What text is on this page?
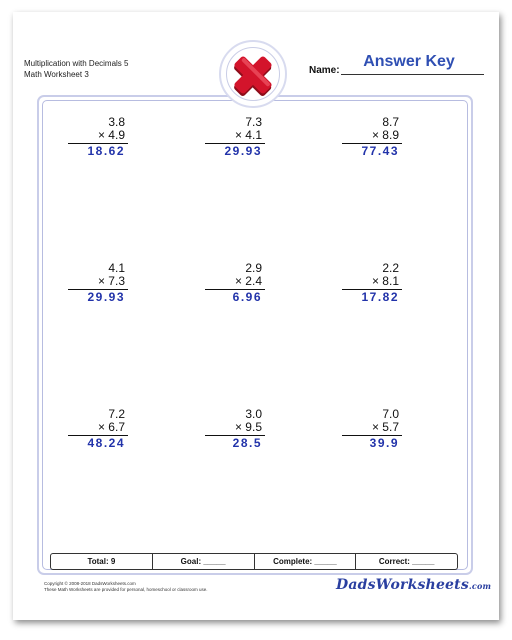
Multiplication with Decimals 5
Math Worksheet 3	Name:
Answer Key
3.8
× 4.9
18.62
7.3
× 4.1
29.93
8.7
× 8.9
77.43
4.1
× 7.3
29.93
2.9
× 2.4
6.96
2.2
× 8.1
17.82
7.2
× 6.7
48.24
3.0
× 9.5
28.5
7.0
× 5.7
39.9
Total: 9	Goal: _____	Complete: _____	Correct: _____
Copyright © 2008-2018 DadsWorksheets.com
These Math Worksheets are provided for personal, homeschool or classroom use.	DadsWorksheets.com
